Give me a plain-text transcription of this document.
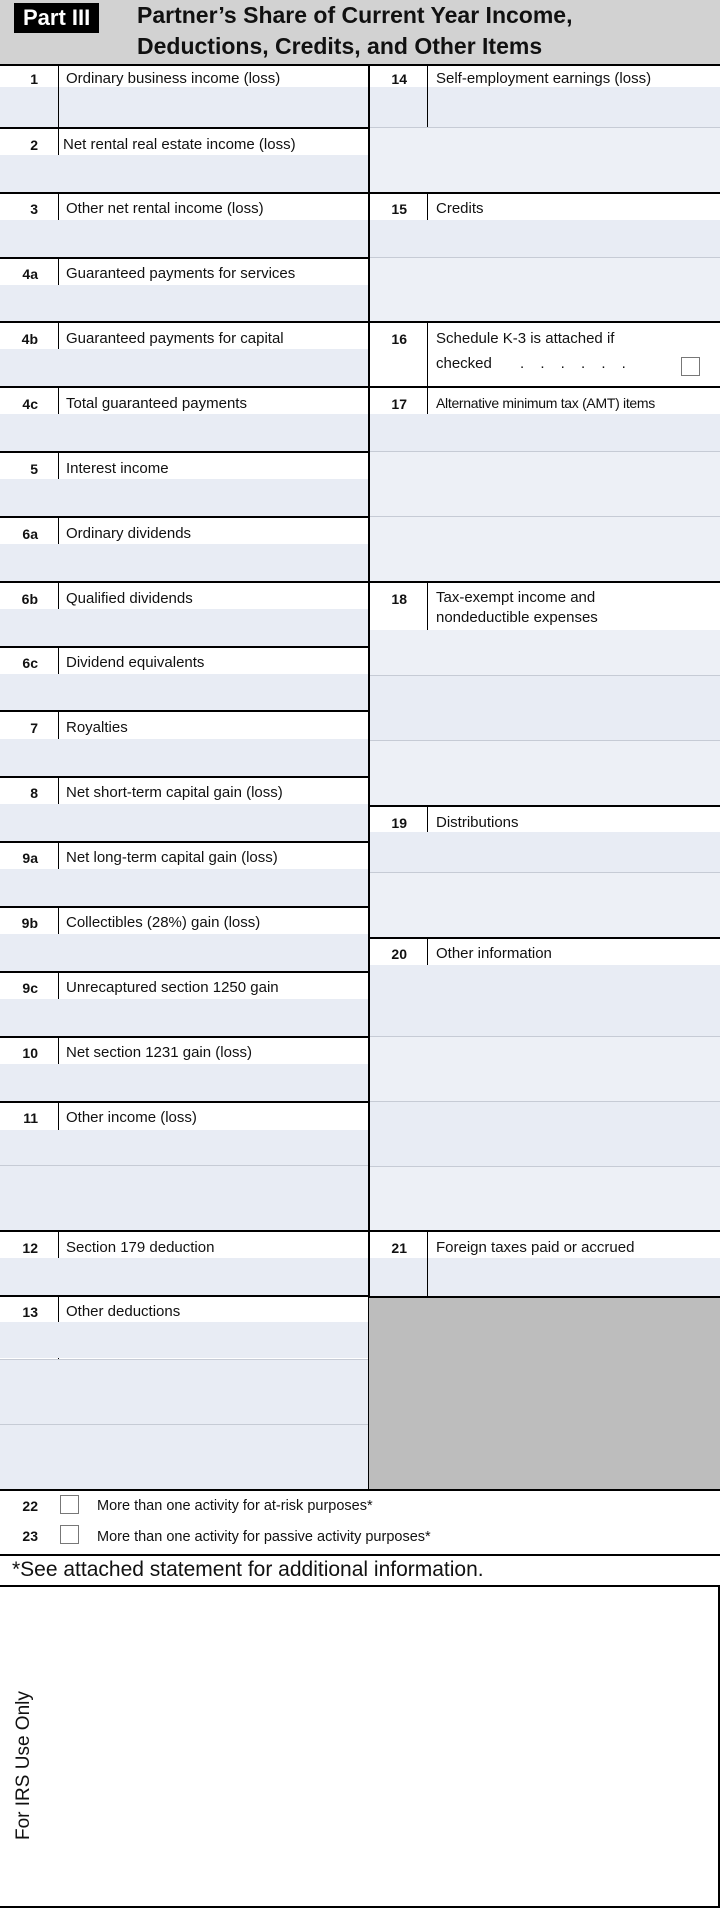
Part III	Partner’s Share of Current Year Income,
Deductions, Credits, and Other Items
1 Ordinary business income (loss)
2 Net rental real estate income (loss)
3 Other net rental income (loss)
4a Guaranteed payments for services
4b Guaranteed payments for capital
4c Total guaranteed payments
5 Interest income
6a Ordinary dividends
6b Qualified dividends
6c Dividend equivalents
7 Royalties
8 Net short-term capital gain (loss)
9a Net long-term capital gain (loss)
9b Collectibles (28%) gain (loss)
9c Unrecaptured section 1250 gain
10 Net section 1231 gain (loss)
11 Other income (loss)
12 Section 179 deduction
13 Other deductions
14 Self-employment earnings (loss)
15 Credits
16 Schedule K-3 is attached if
checked . . . . . .
17 Alternative minimum tax (AMT) items
18 Tax-exempt income and
nondeductible expenses
19 Distributions
20 Other information
21 Foreign taxes paid or accrued
22	More than one activity for at-risk purposes*
23	More than one activity for passive activity purposes*
*See attached statement for additional information.
For IRS Use Only
